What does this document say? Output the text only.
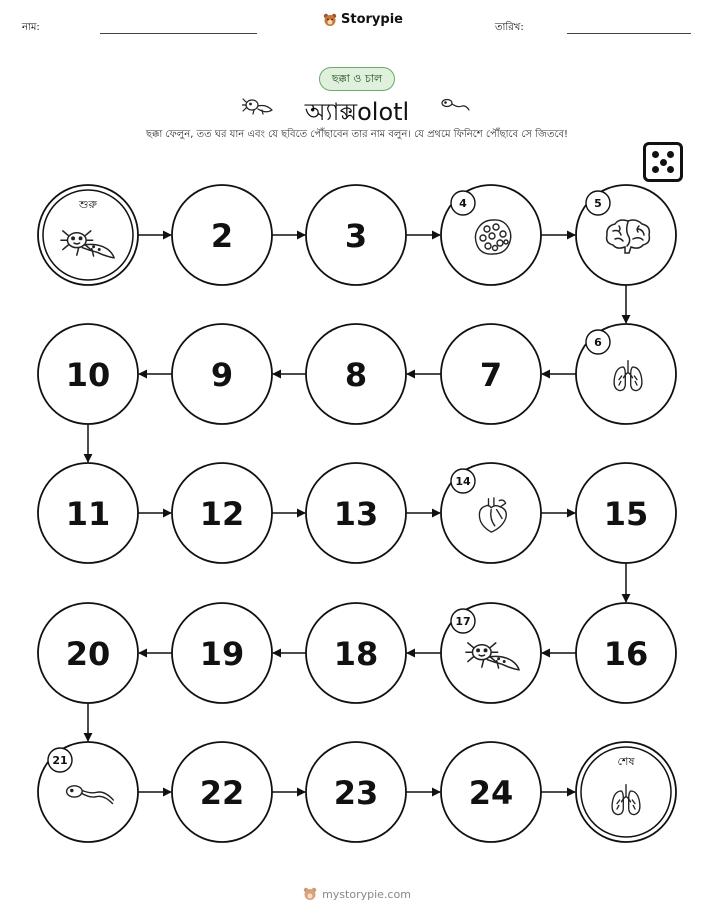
নাম:
Storypie
তারিখ:
ছক্কা ও চাল
অ্যাক্সolotl
ছক্কা ফেলুন, তত ঘর যান এবং যে ছবিতে পৌঁছাবেন তার নাম বলুন। যে প্রথমে ফিনিশে পৌঁছাবে সে জিতবে!
শুরু
2	3
4	5
6
7
8
9
10
11	12	13
14
15
16
17
18
19
20
21
22	23	24
শেষ
mystorypie.com
